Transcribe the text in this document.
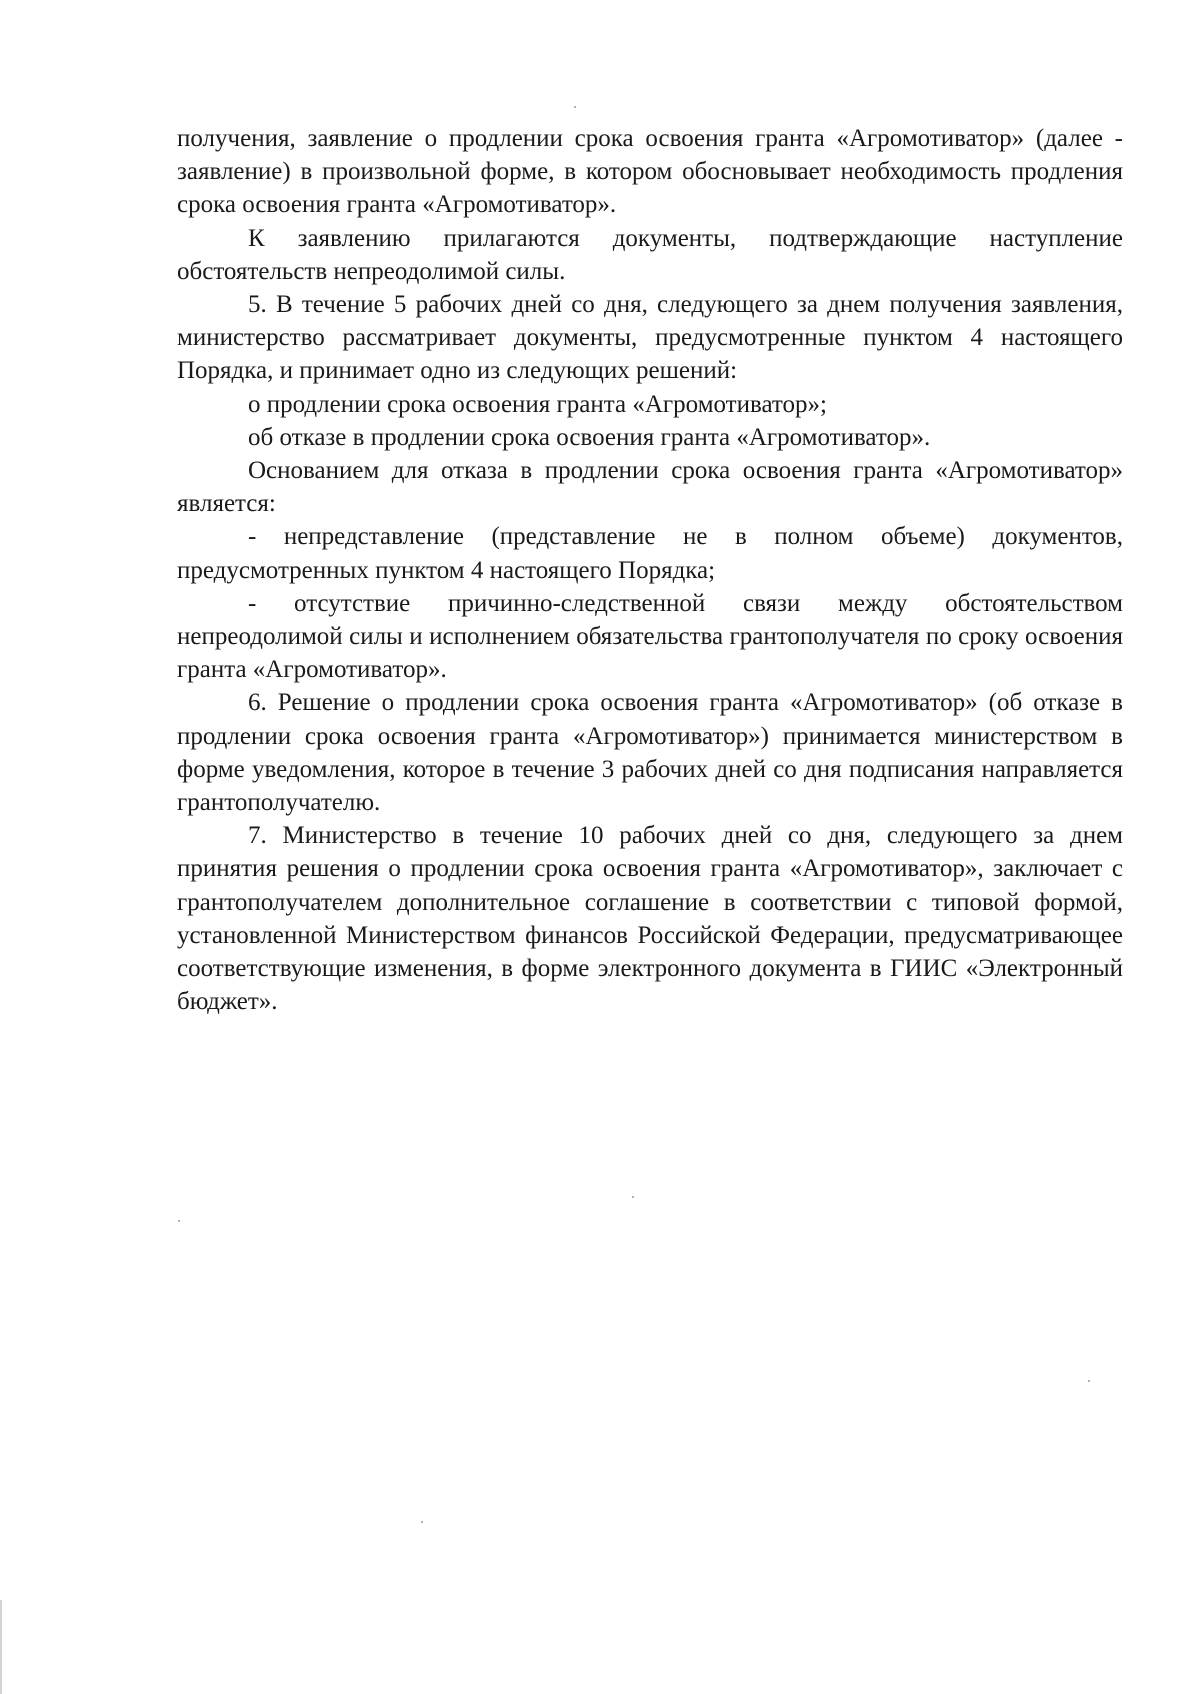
получения, заявление о продлении срока освоения гранта «Агромотиватор» (далее - заявление) в произвольной форме, в котором обосновывает необходимость продления срока освоения гранта «Агромотиватор».

К заявлению прилагаются документы, подтверждающие наступление обстоятельств непреодолимой силы.

5. В течение 5 рабочих дней со дня, следующего за днем получения заявления, министерство рассматривает документы, предусмотренные пунктом 4 настоящего Порядка, и принимает одно из следующих решений:

о продлении срока освоения гранта «Агромотиватор»;

об отказе в продлении срока освоения гранта «Агромотиватор».

Основанием для отказа в продлении срока освоения гранта «Агромотиватор» является:

- непредставление (представление не в полном объеме) документов, предусмотренных пунктом 4 настоящего Порядка;

- отсутствие причинно-следственной связи между обстоятельством непреодолимой силы и исполнением обязательства грантополучателя по сроку освоения гранта «Агромотиватор».

6. Решение о продлении срока освоения гранта «Агромотиватор» (об отказе в продлении срока освоения гранта «Агромотиватор») принимается министерством в форме уведомления, которое в течение 3 рабочих дней со дня подписания направляется грантополучателю.

7. Министерство в течение 10 рабочих дней со дня, следующего за днем принятия решения о продлении срока освоения гранта «Агромотиватор», заключает с грантополучателем дополнительное соглашение в соответствии с типовой формой, установленной Министерством финансов Российской Федерации, предусматривающее соответствующие изменения, в форме электронного документа в ГИИС «Электронный бюджет».
